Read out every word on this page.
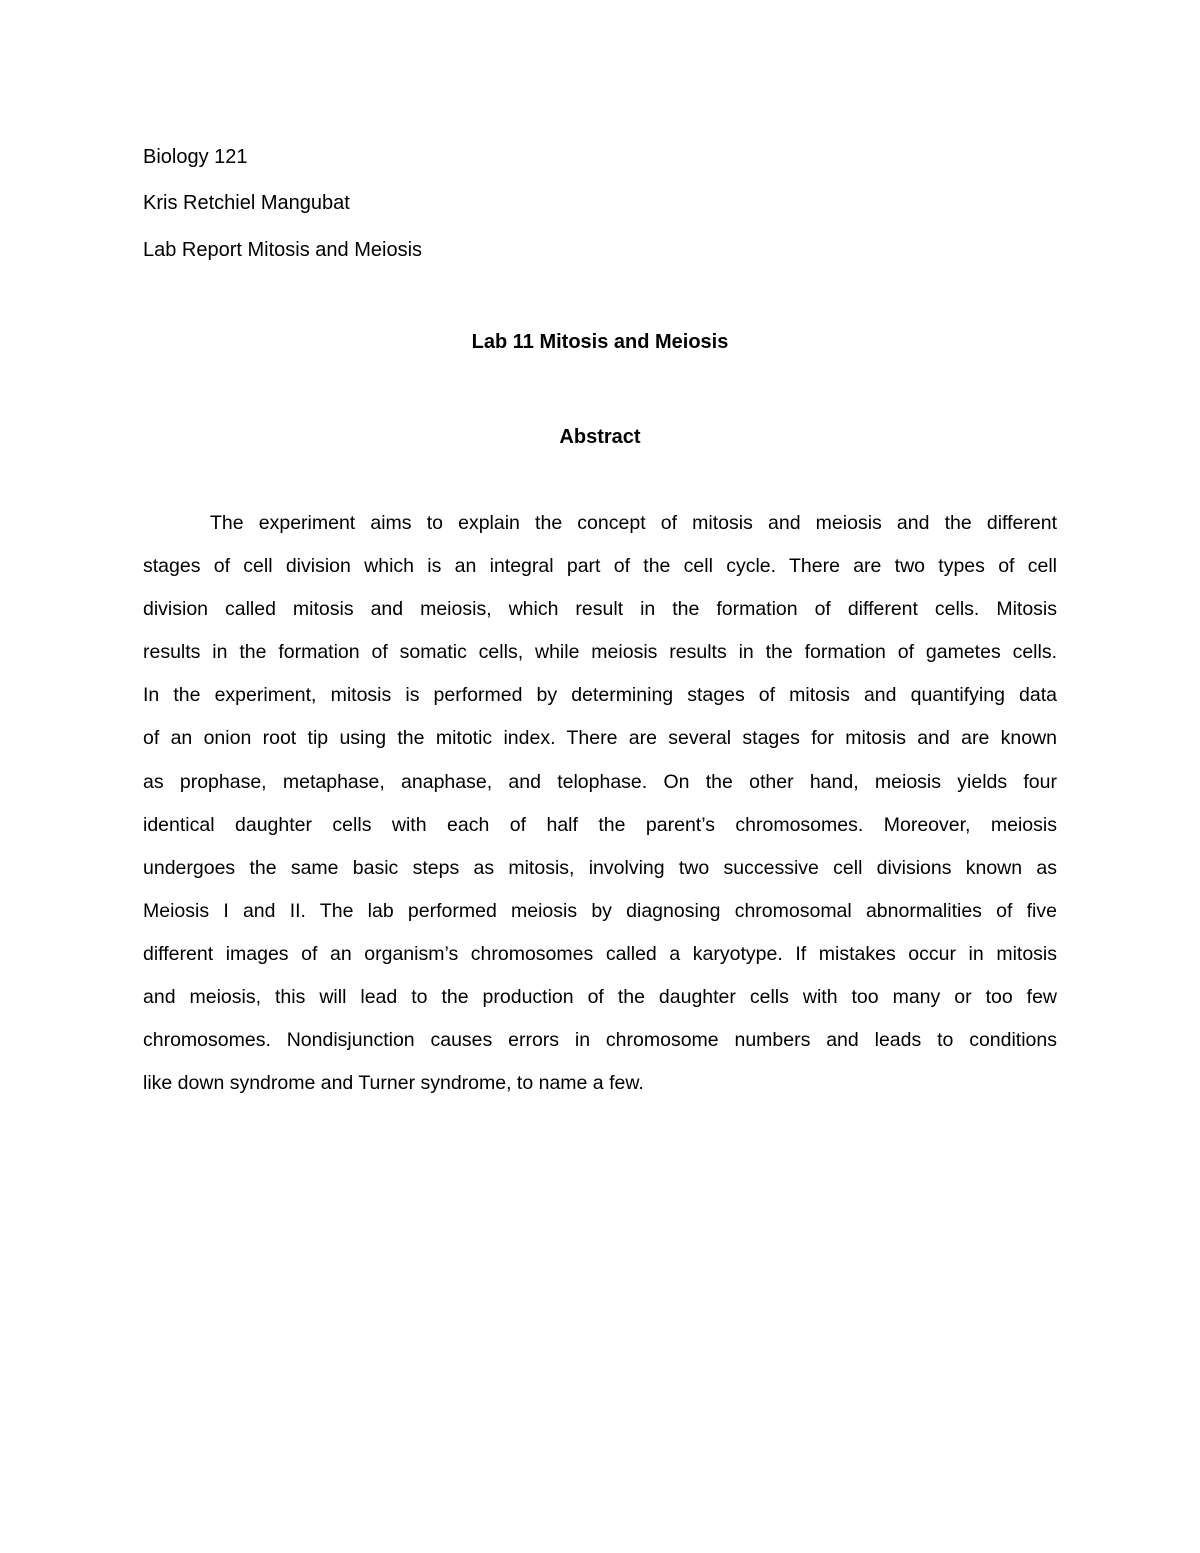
Biology 121
Kris Retchiel Mangubat
Lab Report Mitosis and Meiosis
Lab 11 Mitosis and Meiosis
Abstract
The experiment aims to explain the concept of mitosis and meiosis and the different
stages of cell division which is an integral part of the cell cycle. There are two types of cell
division called mitosis and meiosis, which result in the formation of different cells. Mitosis
results in the formation of somatic cells, while meiosis results in the formation of gametes cells.
In the experiment, mitosis is performed by determining stages of mitosis and quantifying data
of an onion root tip using the mitotic index. There are several stages for mitosis and are known
as prophase, metaphase, anaphase, and telophase. On the other hand, meiosis yields four
identical daughter cells with each of half the parent’s chromosomes. Moreover, meiosis
undergoes the same basic steps as mitosis, involving two successive cell divisions known as
Meiosis I and II. The lab performed meiosis by diagnosing chromosomal abnormalities of five
different images of an organism’s chromosomes called a karyotype. If mistakes occur in mitosis
and meiosis, this will lead to the production of the daughter cells with too many or too few
chromosomes. Nondisjunction causes errors in chromosome numbers and leads to conditions
like down syndrome and Turner syndrome, to name a few.
